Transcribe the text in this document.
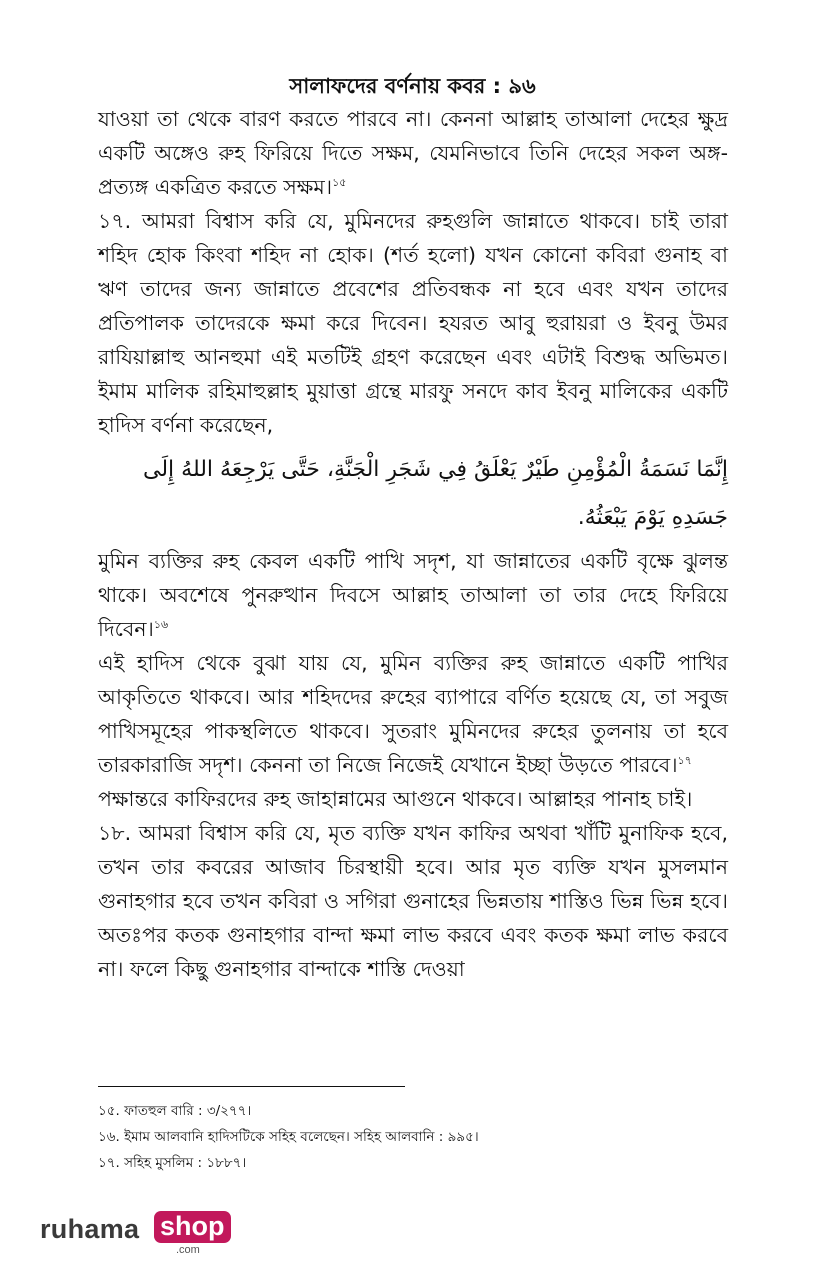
সালাফদের বর্ণনায় কবর : ৯৬

যাওয়া তা থেকে বারণ করতে পারবে না। কেননা আল্লাহ তাআলা দেহের ক্ষুদ্র একটি অঙ্গেও রুহ ফিরিয়ে দিতে সক্ষম, যেমনিভাবে তিনি দেহের সকল অঙ্গ-প্রত্যঙ্গ একত্রিত করতে সক্ষম।$^{১৫}$

১৭. আমরা বিশ্বাস করি যে, মুমিনদের রুহগুলি জান্নাতে থাকবে। চাই তারা শহিদ হোক কিংবা শহিদ না হোক। (শর্ত হলো) যখন কোনো কবিরা গুনাহ বা ঋণ তাদের জন্য জান্নাতে প্রবেশের প্রতিবন্ধক না হবে এবং যখন তাদের প্রতিপালক তাদেরকে ক্ষমা করে দিবেন। হযরত আবু হুরায়রা ও ইবনু উমর রাযিয়াল্লাহু আনহুমা এই মতটিই গ্রহণ করেছেন এবং এটাই বিশুদ্ধ অভিমত। ইমাম মালিক রহিমাহুল্লাহ মুয়াত্তা গ্রন্থে মারফু সনদে কাব ইবনু মালিকের একটি হাদিস বর্ণনা করেছেন,

إِنَّمَا نَسَمَةُ الْمُؤْمِنِ طَيْرٌ يَعْلَقُ فِي شَجَرِ الْجَنَّةِ، حَتَّى يَرْجِعَهُ اللهُ إِلَى جَسَدِهِ يَوْمَ يَبْعَثُهُ.

মুমিন ব্যক্তির রুহ কেবল একটি পাখি সদৃশ, যা জান্নাতের একটি বৃক্ষে ঝুলন্ত থাকে। অবশেষে পুনরুত্থান দিবসে আল্লাহ তাআলা তা তার দেহে ফিরিয়ে দিবেন।$^{১৬}$

এই হাদিস থেকে বুঝা যায় যে, মুমিন ব্যক্তির রুহ জান্নাতে একটি পাখির আকৃতিতে থাকবে। আর শহিদদের রুহের ব্যাপারে বর্ণিত হয়েছে যে, তা সবুজ পাখিসমূহের পাকস্থলিতে থাকবে। সুতরাং মুমিনদের রুহের তুলনায় তা হবে তারকারাজি সদৃশ। কেননা তা নিজে নিজেই যেখানে ইচ্ছা উড়তে পারবে।$^{১৭}$

পক্ষান্তরে কাফিরদের রুহ জাহান্নামের আগুনে থাকবে। আল্লাহর পানাহ চাই।

১৮. আমরা বিশ্বাস করি যে, মৃত ব্যক্তি যখন কাফির অথবা খাঁটি মুনাফিক হবে, তখন তার কবরের আজাব চিরস্থায়ী হবে। আর মৃত ব্যক্তি যখন মুসলমান গুনাহগার হবে তখন কবিরা ও সগিরা গুনাহের ভিন্নতায় শাস্তিও ভিন্ন ভিন্ন হবে। অতঃপর কতক গুনাহগার বান্দা ক্ষমা লাভ করবে এবং কতক ক্ষমা লাভ করবে না। ফলে কিছু গুনাহগার বান্দাকে শাস্তি দেওয়া

১৫. ফাতহুল বারি : ৩/২৭৭।
১৬. ইমাম আলবানি হাদিসটিকে সহিহ বলেছেন। সহিহ আলবানি : ৯৯৫।
১৭. সহিহ মুসলিম : ১৮৮৭।
ruhama shop
.com
